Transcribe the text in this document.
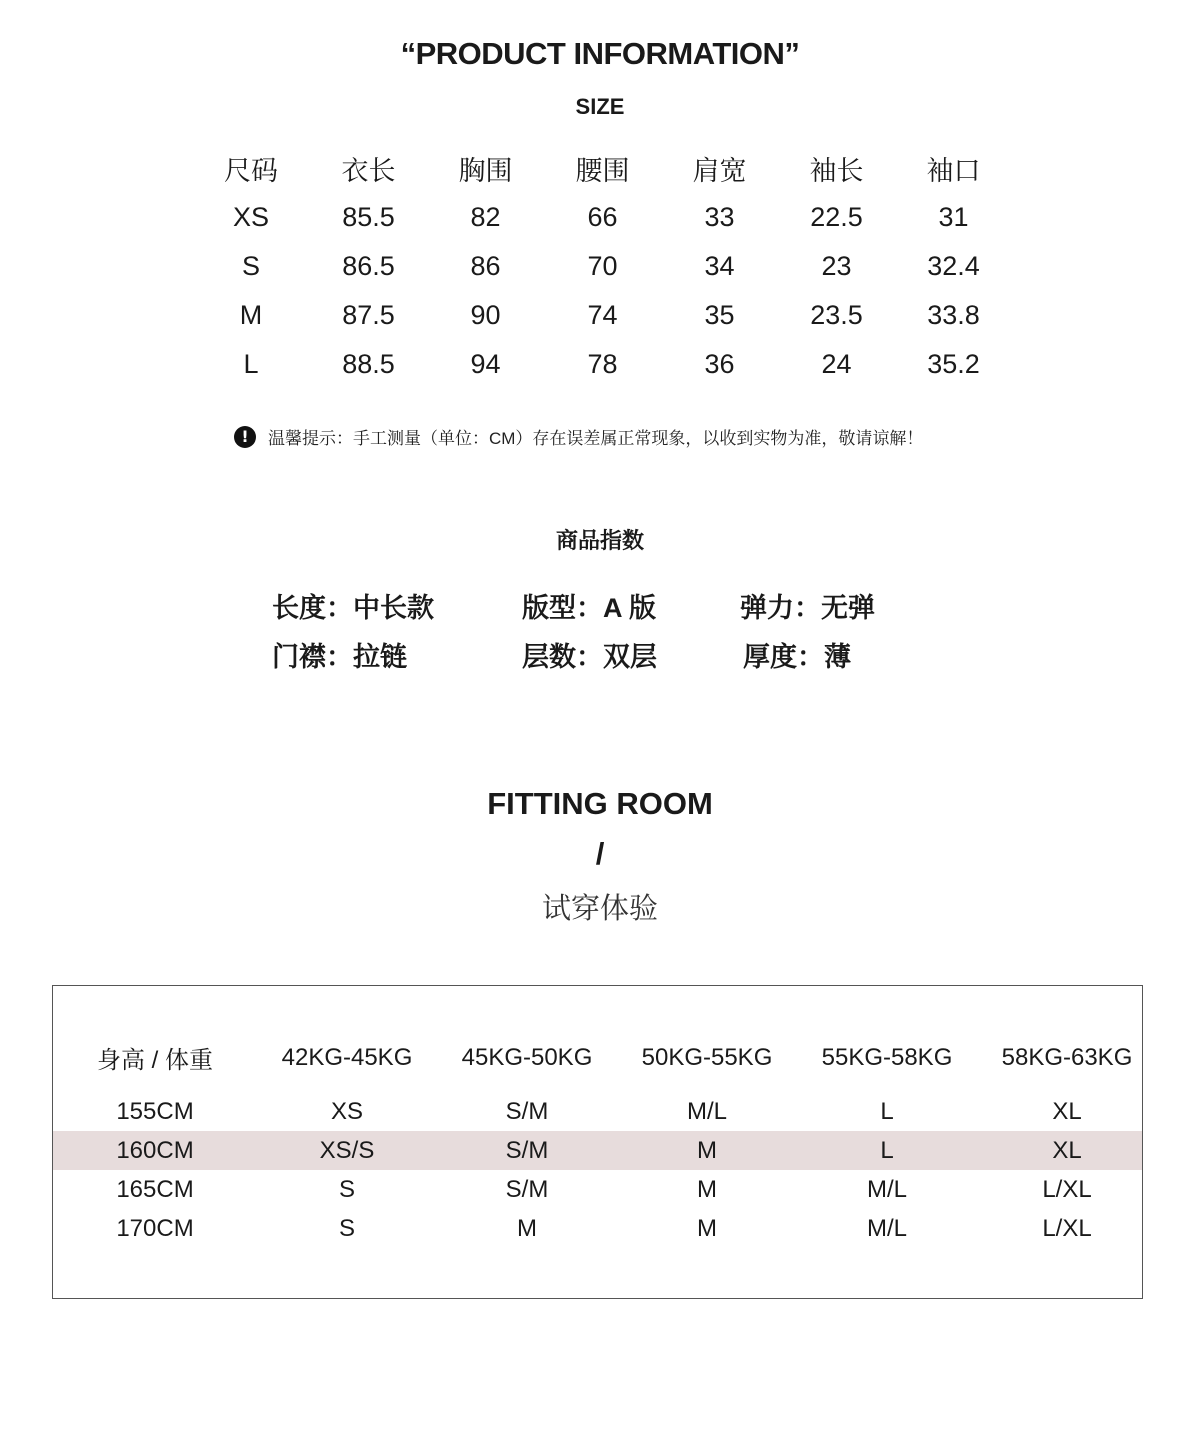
“PRODUCT INFORMATION”
SIZE
尺码	衣长	胸围	腰围	肩宽	袖长	袖口
XS	85.5	82	66	33	22.5	31
S	86.5	86	70	34	23	32.4
M	87.5	90	74	35	23.5	33.8
L	88.5	94	78	36	24	35.2
!	温馨提示：手工测量（单位：CM）存在误差属正常现象，以收到实物为准，敬请谅解！
商品指数
长度：中长款	版型：A 版	弹力：无弹
门襟：拉链	层数：双层	厚度：薄
FITTING ROOM
/
试穿体验
身高 / 体重	42KG-45KG	45KG-50KG	50KG-55KG	55KG-58KG	58KG-63KG
155CM	XS	S/M	M/L	L	XL
160CM	XS/S	S/M	M	L	XL
165CM	S	S/M	M	M/L	L/XL
170CM	S	M	M	M/L	L/XL
